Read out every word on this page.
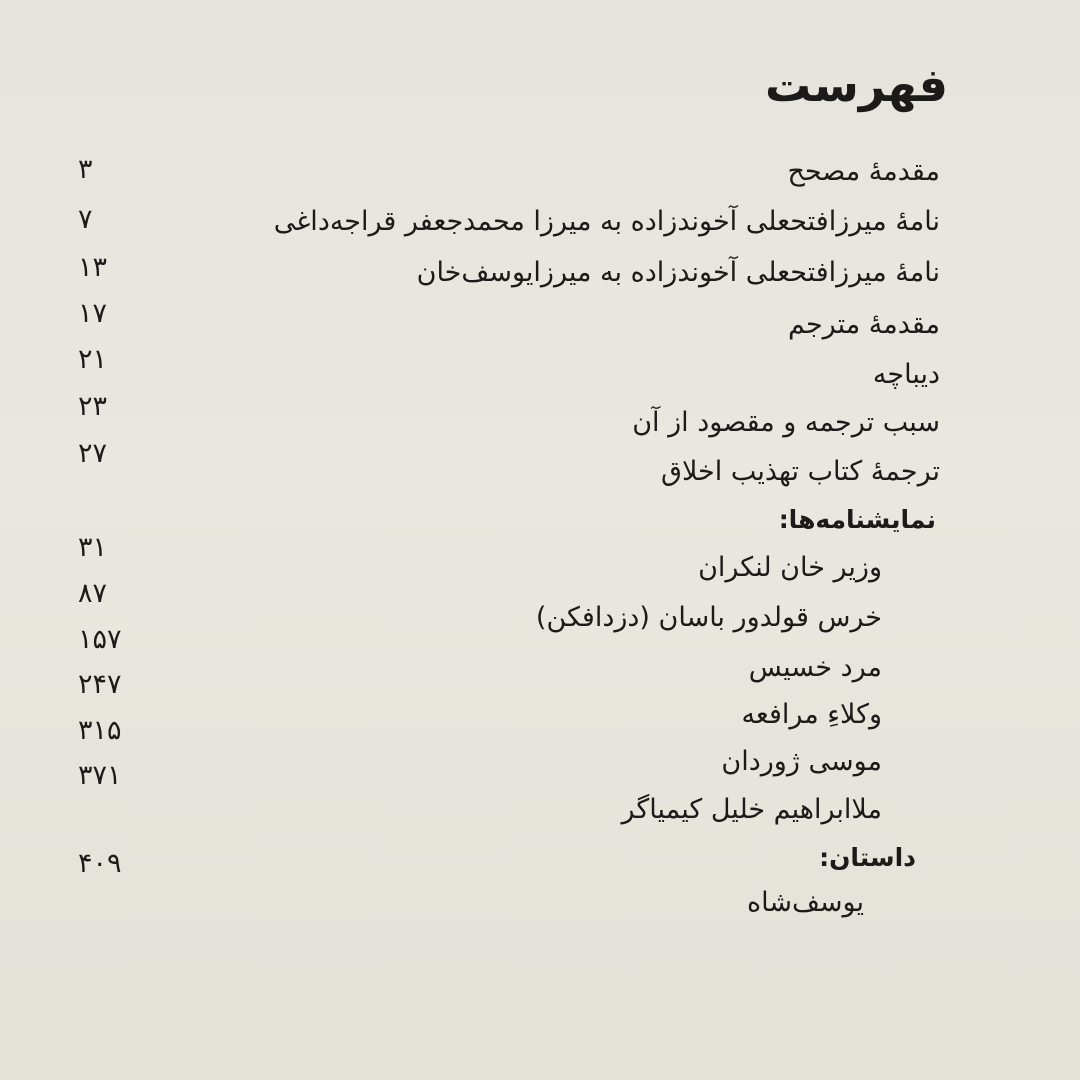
فهرست
مقدمهٔ مصحح
۳
نامهٔ میرزافتحعلی آخوندزاده به میرزا محمدجعفر قراجه‌داغی
۷
نامهٔ میرزافتحعلی آخوندزاده به میرزایوسف‌خان
۱۳
مقدمهٔ مترجم
۱۷
دیباچه
۲۱
سبب ترجمه و مقصود از آن
۲۳
ترجمهٔ کتاب تهذیب اخلاق
۲۷
نمایشنامه‌ها:
وزیر خان لنکران
۳۱
خرس قولدور باسان (دزدافکن)
۸۷
مرد خسیس
۱۵۷
وکلاءِ مرافعه
۲۴۷
موسی ژوردان
۳۱۵
ملاابراهیم خلیل کیمیاگر
۳۷۱
داستان:
یوسف‌شاه
۴۰۹
